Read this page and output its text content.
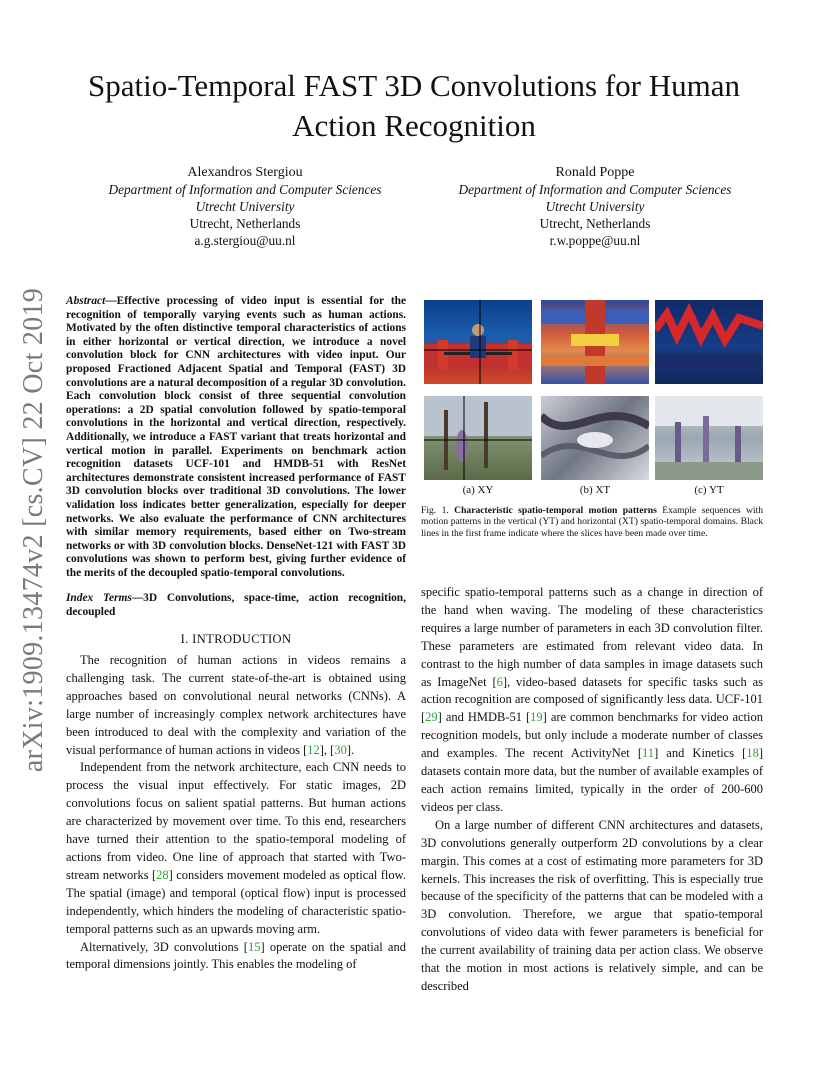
arXiv:1909.13474v2 [cs.CV] 22 Oct 2019
Spatio-Temporal FAST 3D Convolutions for Human Action Recognition
Alexandros Stergiou
Department of Information and Computer Sciences
Utrecht University
Utrecht, Netherlands
a.g.stergiou@uu.nl
Ronald Poppe
Department of Information and Computer Sciences
Utrecht University
Utrecht, Netherlands
r.w.poppe@uu.nl
Abstract—Effective processing of video input is essential for the recognition of temporally varying events such as human actions. Motivated by the often distinctive temporal characteristics of actions in either horizontal or vertical direction, we introduce a novel convolution block for CNN architectures with video input. Our proposed Fractioned Adjacent Spatial and Temporal (FAST) 3D convolutions are a natural decomposition of a regular 3D convolution. Each convolution block consist of three sequential convolution operations: a 2D spatial convolution followed by spatio-temporal convolutions in the horizontal and vertical direction, respectively. Additionally, we introduce a FAST variant that treats horizontal and vertical motion in parallel. Experiments on benchmark action recognition datasets UCF-101 and HMDB-51 with ResNet architectures demonstrate consistent increased performance of FAST 3D convolution blocks over traditional 3D convolutions. The lower validation loss indicates better generalization, especially for deeper networks. We also evaluate the performance of CNN architectures with similar memory requirements, based either on Two-stream networks or with 3D convolution blocks. DenseNet-121 with FAST 3D convolutions was shown to perform best, giving further evidence of the merits of the decoupled spatio-temporal convolutions.
Index Terms—3D Convolutions, space-time, action recognition, decoupled
I. INTRODUCTION

The recognition of human actions in videos remains a challenging task. The current state-of-the-art is obtained using approaches based on convolutional neural networks (CNNs). A large number of increasingly complex network architectures have been introduced to deal with the complexity and variation of the visual performance of human actions in videos [12], [30].

Independent from the network architecture, each CNN needs to process the visual input effectively. For static images, 2D convolutions focus on salient spatial patterns. But human actions are characterized by movement over time. To this end, researchers have turned their attention to the spatio-temporal modeling of actions from video. One line of approach that started with Two-stream networks [28] considers movement modeled as optical flow. The spatial (image) and temporal (optical flow) input is processed independently, which hinders the modeling of characteristic spatio-temporal patterns such as an upwards moving arm.

Alternatively, 3D convolutions [15] operate on the spatial and temporal dimensions jointly. This enables the modeling of

(a) XY	(b) XT	(c) YT
Fig. 1. Characteristic spatio-temporal motion patterns Example sequences with motion patterns in the vertical (YT) and horizontal (XT) spatio-temporal domains. Black lines in the first frame indicate where the slices have been made over time.

specific spatio-temporal patterns such as a change in direction of the hand when waving. The modeling of these characteristics requires a large number of parameters in each 3D convolution filter. These parameters are estimated from relevant video data. In contrast to the high number of data samples in image datasets such as ImageNet [6], video-based datasets for specific tasks such as action recognition are composed of significantly less data. UCF-101 [29] and HMDB-51 [19] are common benchmarks for video action recognition models, but only include a moderate number of classes and examples. The recent ActivityNet [11] and Kinetics [18] datasets contain more data, but the number of available examples of each action remains limited, typically in the order of 200-600 videos per class.

On a large number of different CNN architectures and datasets, 3D convolutions generally outperform 2D convolutions by a clear margin. This comes at a cost of estimating more parameters for 3D kernels. This increases the risk of overfitting. This is especially true because of the specificity of the patterns that can be modeled with a 3D convolution. Therefore, we argue that spatio-temporal convolutions of video data with fewer parameters is beneficial for the current availability of training data per action class. We observe that the motion in most actions is relatively simple, and can be described
